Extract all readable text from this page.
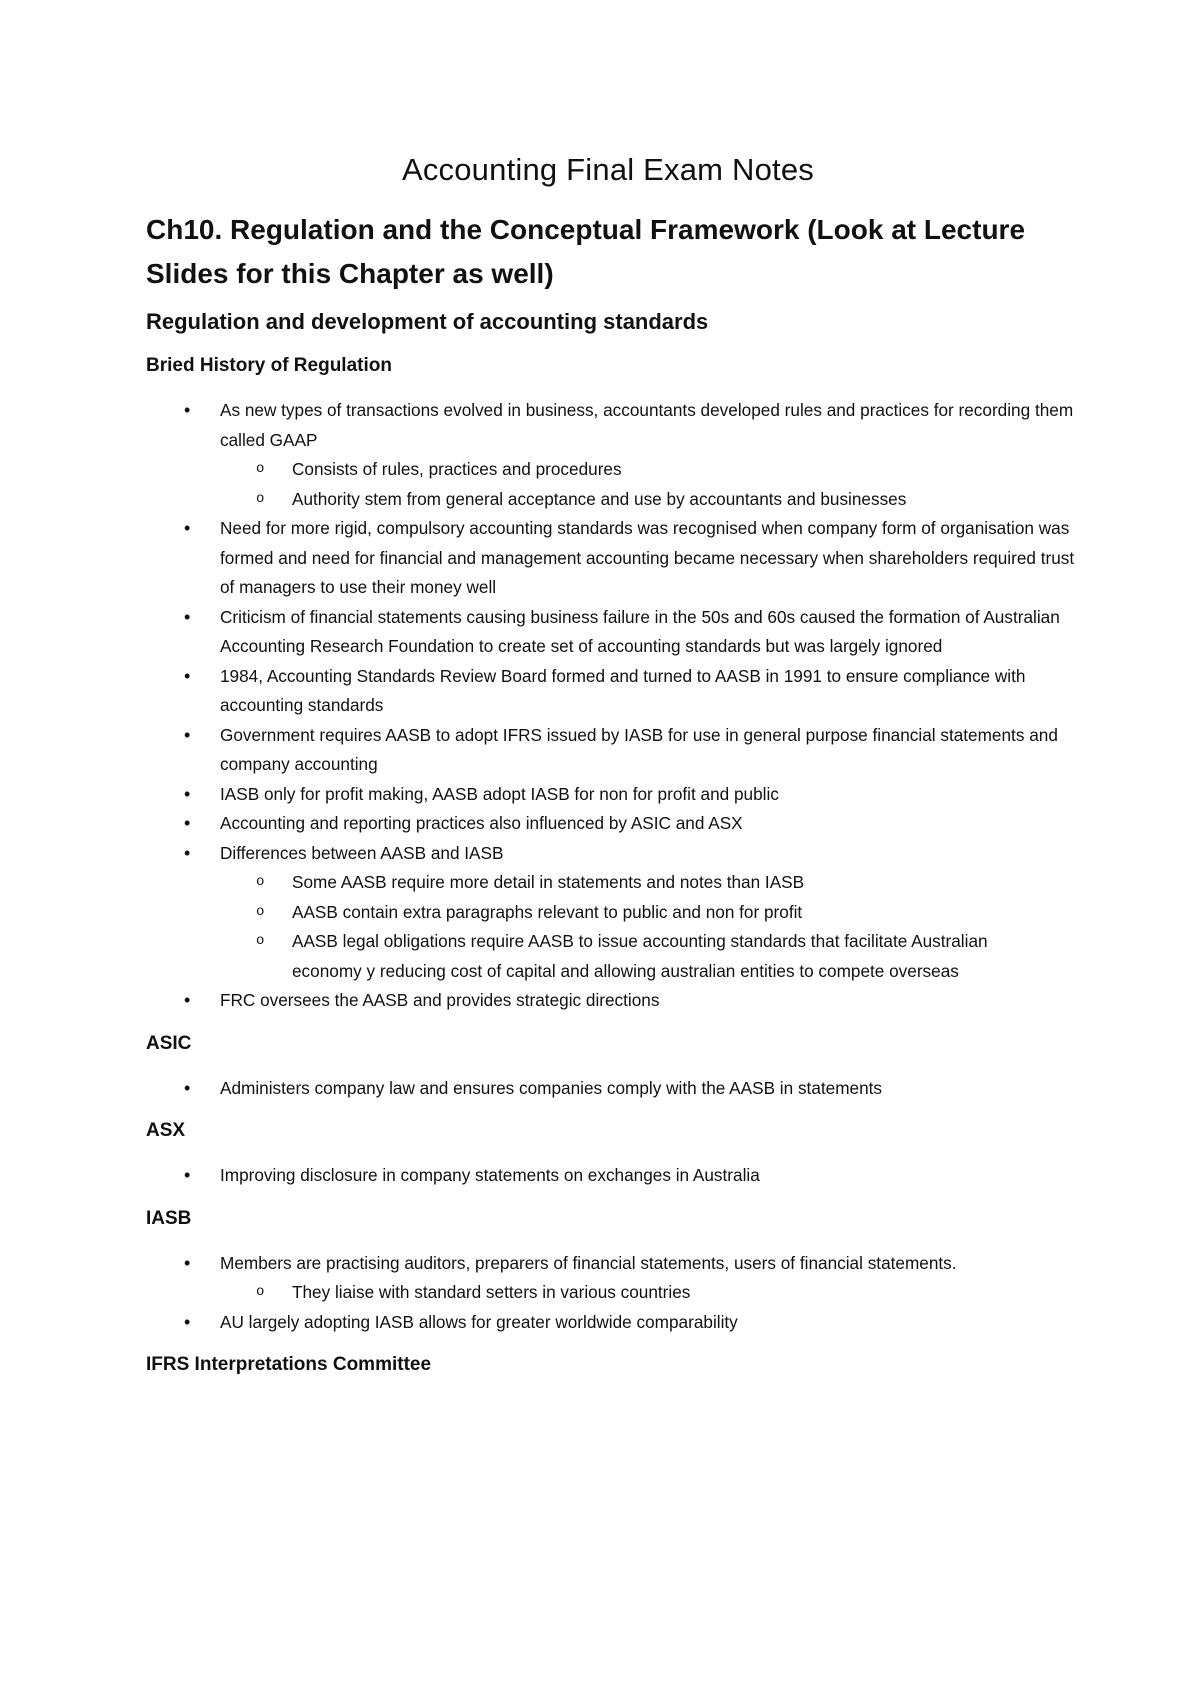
Accounting Final Exam Notes
Ch10. Regulation and the Conceptual Framework (Look at Lecture Slides for this Chapter as well)
Regulation and development of accounting standards
Bried History of Regulation
• As new types of transactions evolved in business, accountants developed rules and practices for recording them called GAAP
o Consists of rules, practices and procedures
o Authority stem from general acceptance and use by accountants and businesses
• Need for more rigid, compulsory accounting standards was recognised when company form of organisation was formed and need for financial and management accounting became necessary when shareholders required trust of managers to use their money well
• Criticism of financial statements causing business failure in the 50s and 60s caused the formation of Australian Accounting Research Foundation to create set of accounting standards but was largely ignored
• 1984, Accounting Standards Review Board formed and turned to AASB in 1991 to ensure compliance with accounting standards
• Government requires AASB to adopt IFRS issued by IASB for use in general purpose financial statements and company accounting
• IASB only for profit making, AASB adopt IASB for non for profit and public
• Accounting and reporting practices also influenced by ASIC and ASX
• Differences between AASB and IASB
o Some AASB require more detail in statements and notes than IASB
o AASB contain extra paragraphs relevant to public and non for profit
o AASB legal obligations require AASB to issue accounting standards that facilitate Australian economy y reducing cost of capital and allowing australian entities to compete overseas
• FRC oversees the AASB and provides strategic directions
ASIC
• Administers company law and ensures companies comply with the AASB in statements
ASX
• Improving disclosure in company statements on exchanges in Australia
IASB
• Members are practising auditors, preparers of financial statements, users of financial statements.
o They liaise with standard setters in various countries
• AU largely adopting IASB allows for greater worldwide comparability
IFRS Interpretations Committee
